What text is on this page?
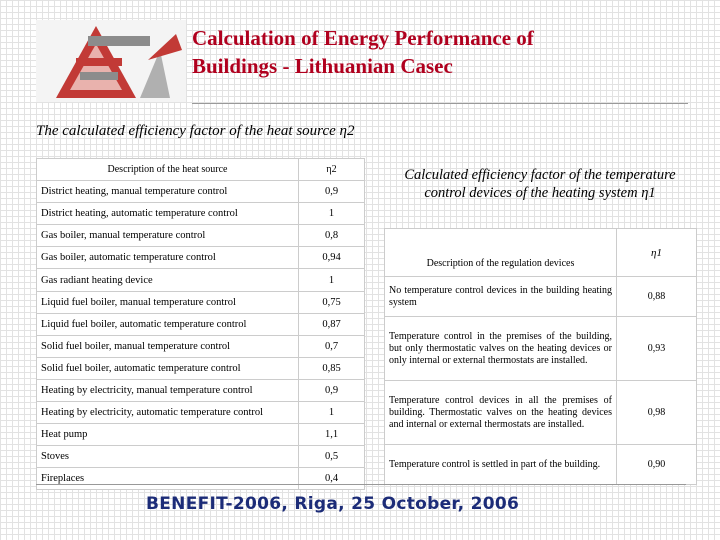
Calculation of Energy Performance of
Buildings - Lithuanian Casec
The calculated efficiency factor of the heat source η2
Description of the heat source	η2
District heating, manual temperature control	0,9
District heating, automatic temperature control	1
Gas boiler, manual temperature control	0,8
Gas boiler, automatic temperature control	0,94
Gas radiant heating device	1
Liquid fuel boiler, manual temperature control	0,75
Liquid fuel boiler, automatic temperature control	0,87
Solid fuel boiler, manual temperature control	0,7
Solid fuel boiler, automatic temperature control	0,85
Heating by electricity, manual temperature control	0,9
Heating by electricity, automatic temperature control	1
Heat pump	1,1
Stoves	0,5
Fireplaces	0,4
Calculated efficiency factor of the temperature control devices of the heating system η1
Description of the regulation devices	η1
No temperature control devices in the building heating system	0,88
Temperature control in the premises of the building, but only thermostatic valves on the heating devices or only internal or external thermostats are installed.	0,93
Temperature control devices in all the premises of building. Thermostatic valves on the heating devices and internal or external thermostats are installed.	0,98
Temperature control is settled in part of the building.	0,90
BENEFIT-2006, Riga, 25 October, 2006
